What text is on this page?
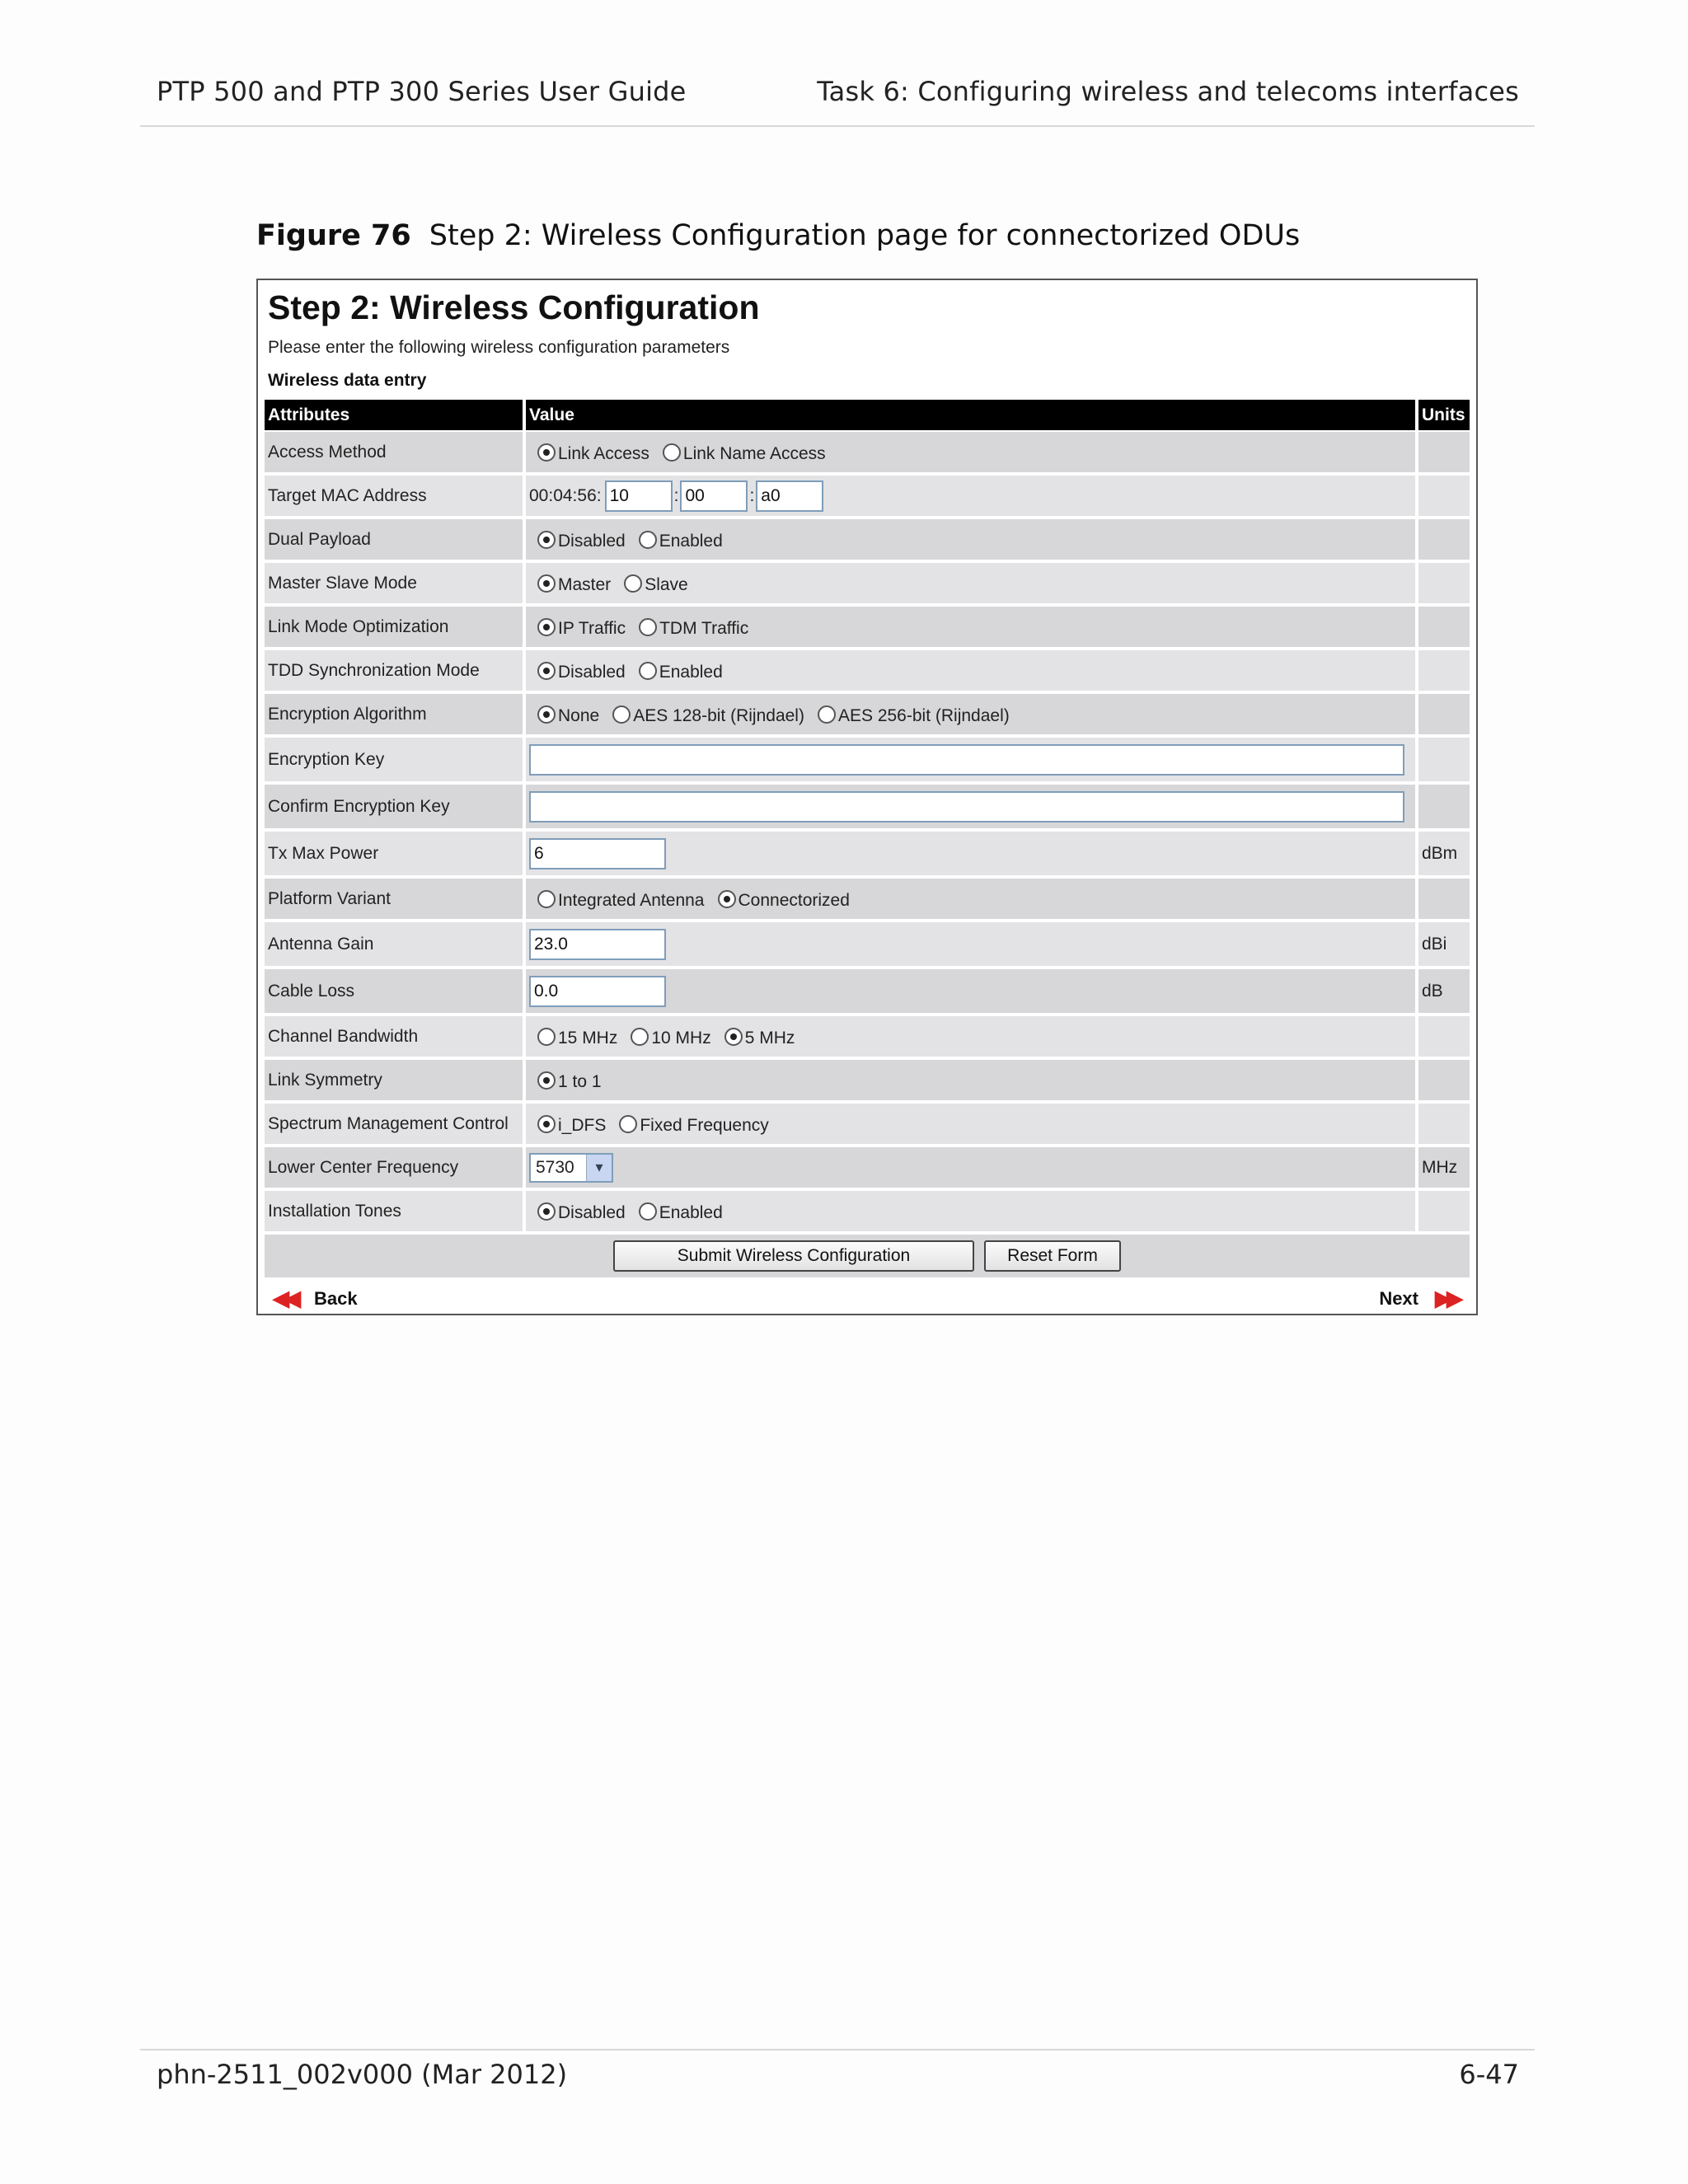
PTP 500 and PTP 300 Series User Guide	Task 6: Configuring wireless and telecoms interfaces
Figure 76 Step 2: Wireless Configuration page for connectorized ODUs
Step 2: Wireless Configuration
Please enter the following wireless configuration parameters
Wireless data entry
Attributes	Value	Units
Access Method	Link Access Link Name Access
Target MAC Address	00:04:56: 10	: 00	: a0
Dual Payload	Disabled Enabled
Master Slave Mode	Master Slave
Link Mode Optimization	IP Traffic TDM Traffic
TDD Synchronization Mode	Disabled Enabled
Encryption Algorithm	None AES 128-bit (Rijndael) AES 256-bit (Rijndael)
Encryption Key
Confirm Encryption Key
Tx Max Power	6	dBm
Platform Variant	Integrated Antenna Connectorized
Antenna Gain	23.0	dBi
Cable Loss	0.0	dB
Channel Bandwidth	15 MHz 10 MHz 5 MHz
Link Symmetry	1 to 1
Spectrum Management Control	i_DFS Fixed Frequency
Lower Center Frequency	5730	▾	MHz
Installation Tones	Disabled Enabled
Submit Wireless Configuration	Reset Form
◀◀ Back	Next ▶▶
phn-2511_002v000 (Mar 2012)	6-47
